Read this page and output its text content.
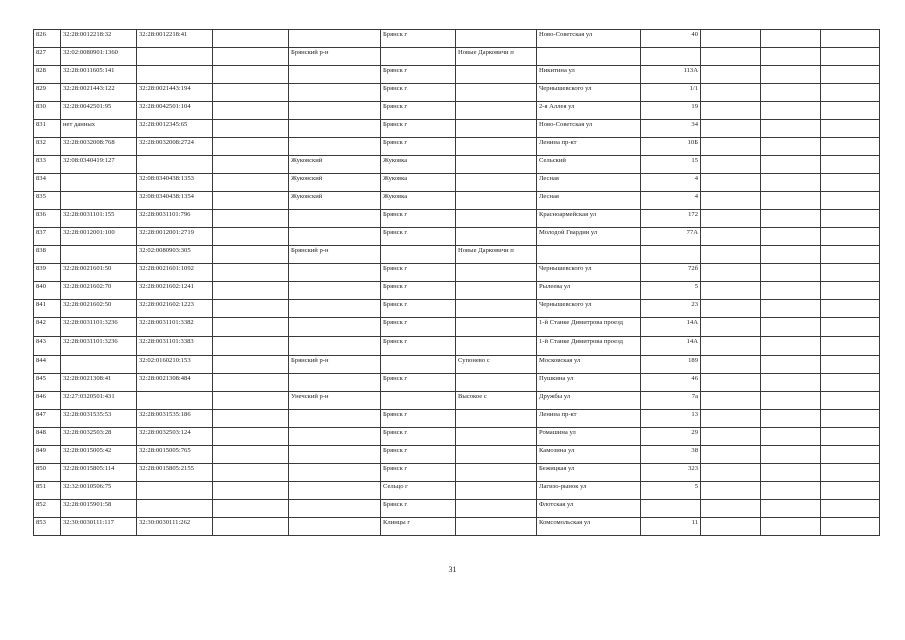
826	32:28:0012218:32	32:28:0012218:41			Брянск г		Ново-Советская ул	40			
827	32:02:0080901:1360			Брянский р-н		Новые Дарковичи п					
828	32:28:0011605:141				Брянск г		Никитина ул	113А			
829	32:28:0021443:122	32:28:0021443:194			Брянск г		Чернышевского ул	1/1			
830	32:28:0042501:95	32:28:0042501:104			Брянск г		2-я Аллея ул	19			
831	нет данных	32:28:0012345:65			Брянск г		Ново-Советская ул	34			
832	32:28:0032008:768	32:28:0032008:2724			Брянск г		Ленина пр-кт	10Б			
833	32:08:0340419:127			Жуковский	Жуковка		Сельский	15			
834		32:08:0340438:1353		Жуковский	Жуковка		Лесная	4			
835		32:08:0340438:1354		Жуковский	Жуковка		Лесная	4			
836	32:28:0031101:155	32:28:0031101:796			Брянск г		Красноармейская ул	172			
837	32:28:0012001:100	32:28:0012001:2719			Брянск г		Молодой Гвардии ул	77А			
838		32:02:0080903:305		Брянский р-н		Новые Дарковичи п					
839	32:28:0021601:50	32:28:0021601:1092			Брянск г		Чернышевского ул	72б			
840	32:28:0021602:70	32:28:0021602:1241			Брянск г		Рылеева ул	5			
841	32:28:0021602:50	32:28:0021602:1223			Брянск г		Чернышевского ул	23			
842	32:28:0031101:3236	32:28:0031101:3382			Брянск г		1-й Станке Димитрова проезд	14А			
843	32:28:0031101:3236	32:28:0031101:3383			Брянск г		1-й Станке Димитрова проезд	14А			
844		32:02:0160210:153		Брянский р-н		Супонево с	Московская ул	189			
845	32:28:0021308:41	32:28:0021308:484			Брянск г		Пушкина ул	46			
846	32:27:0320501:431			Унечский р-н		Высокое с	Дружбы ул	7а			
847	32:28:0031535:53	32:28:0031535:186			Брянск г		Ленина пр-кт	13			
848	32:28:0032503:28	32:28:0032503:124			Брянск г		Ромашина ул	29			
849	32:28:0015005:42	32:28:0015005:765			Брянск г		Камозина ул	38			
850	32:28:0015805:114	32:28:0015805:2155			Брянск г		Бежицкая ул	323			
851	32:32:0010506:75				Сельцо г		Лагизо-рынок ул	5			
852	32:28:0015901:58				Брянск г		Флотская ул				
853	32:30:0030111:117	32:30:0030111:262			Клинцы г		Комсомольская ул	11			
31
